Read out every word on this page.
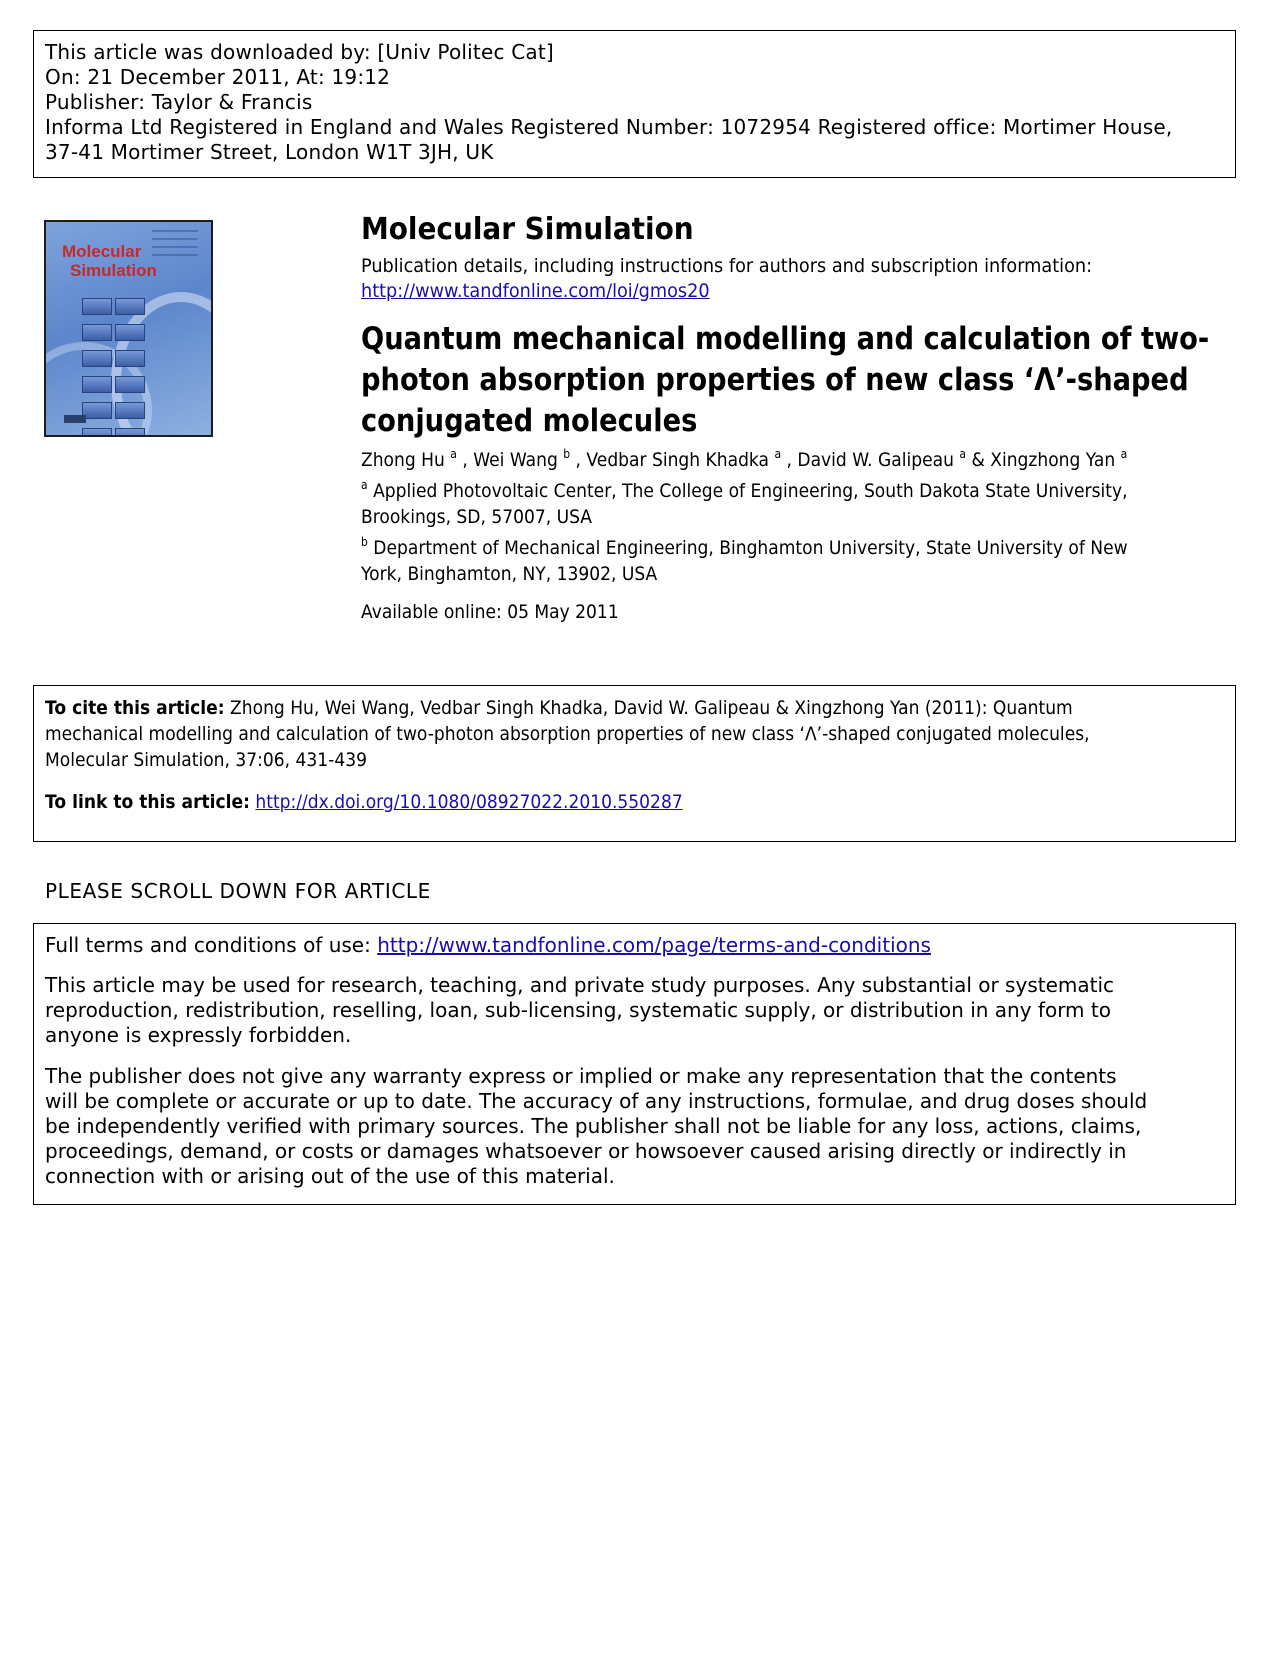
This article was downloaded by: [Univ Politec Cat]
On: 21 December 2011, At: 19:12
Publisher: Taylor & Francis
Informa Ltd Registered in England and Wales Registered Number: 1072954 Registered office: Mortimer House,
37-41 Mortimer Street, London W1T 3JH, UK
Molecular
Simulation

Molecular Simulation
Publication details, including instructions for authors and subscription information:
http://www.tandfonline.com/loi/gmos20
Quantum mechanical modelling and calculation of two-
photon absorption properties of new class ‘Λ’-shaped
conjugated molecules
Zhong Hu $^a$ , Wei Wang $^b$ , Vedbar Singh Khadka $^a$ , David W. Galipeau $^a$ & Xingzhong Yan $^a$
$^a$ Applied Photovoltaic Center, The College of Engineering, South Dakota State University,
Brookings, SD, 57007, USA
$^b$ Department of Mechanical Engineering, Binghamton University, State University of New
York, Binghamton, NY, 13902, USA
Available online: 05 May 2011
To cite this article: Zhong Hu, Wei Wang, Vedbar Singh Khadka, David W. Galipeau & Xingzhong Yan (2011): Quantum
mechanical modelling and calculation of two-photon absorption properties of new class ‘Λ’-shaped conjugated molecules,
Molecular Simulation, 37:06, 431-439
To link to this article: http://dx.doi.org/10.1080/08927022.2010.550287
PLEASE SCROLL DOWN FOR ARTICLE
Full terms and conditions of use: http://www.tandfonline.com/page/terms-and-conditions

This article may be used for research, teaching, and private study purposes. Any substantial or systematic
reproduction, redistribution, reselling, loan, sub-licensing, systematic supply, or distribution in any form to
anyone is expressly forbidden.

The publisher does not give any warranty express or implied or make any representation that the contents
will be complete or accurate or up to date. The accuracy of any instructions, formulae, and drug doses should
be independently verified with primary sources. The publisher shall not be liable for any loss, actions, claims,
proceedings, demand, or costs or damages whatsoever or howsoever caused arising directly or indirectly in
connection with or arising out of the use of this material.
